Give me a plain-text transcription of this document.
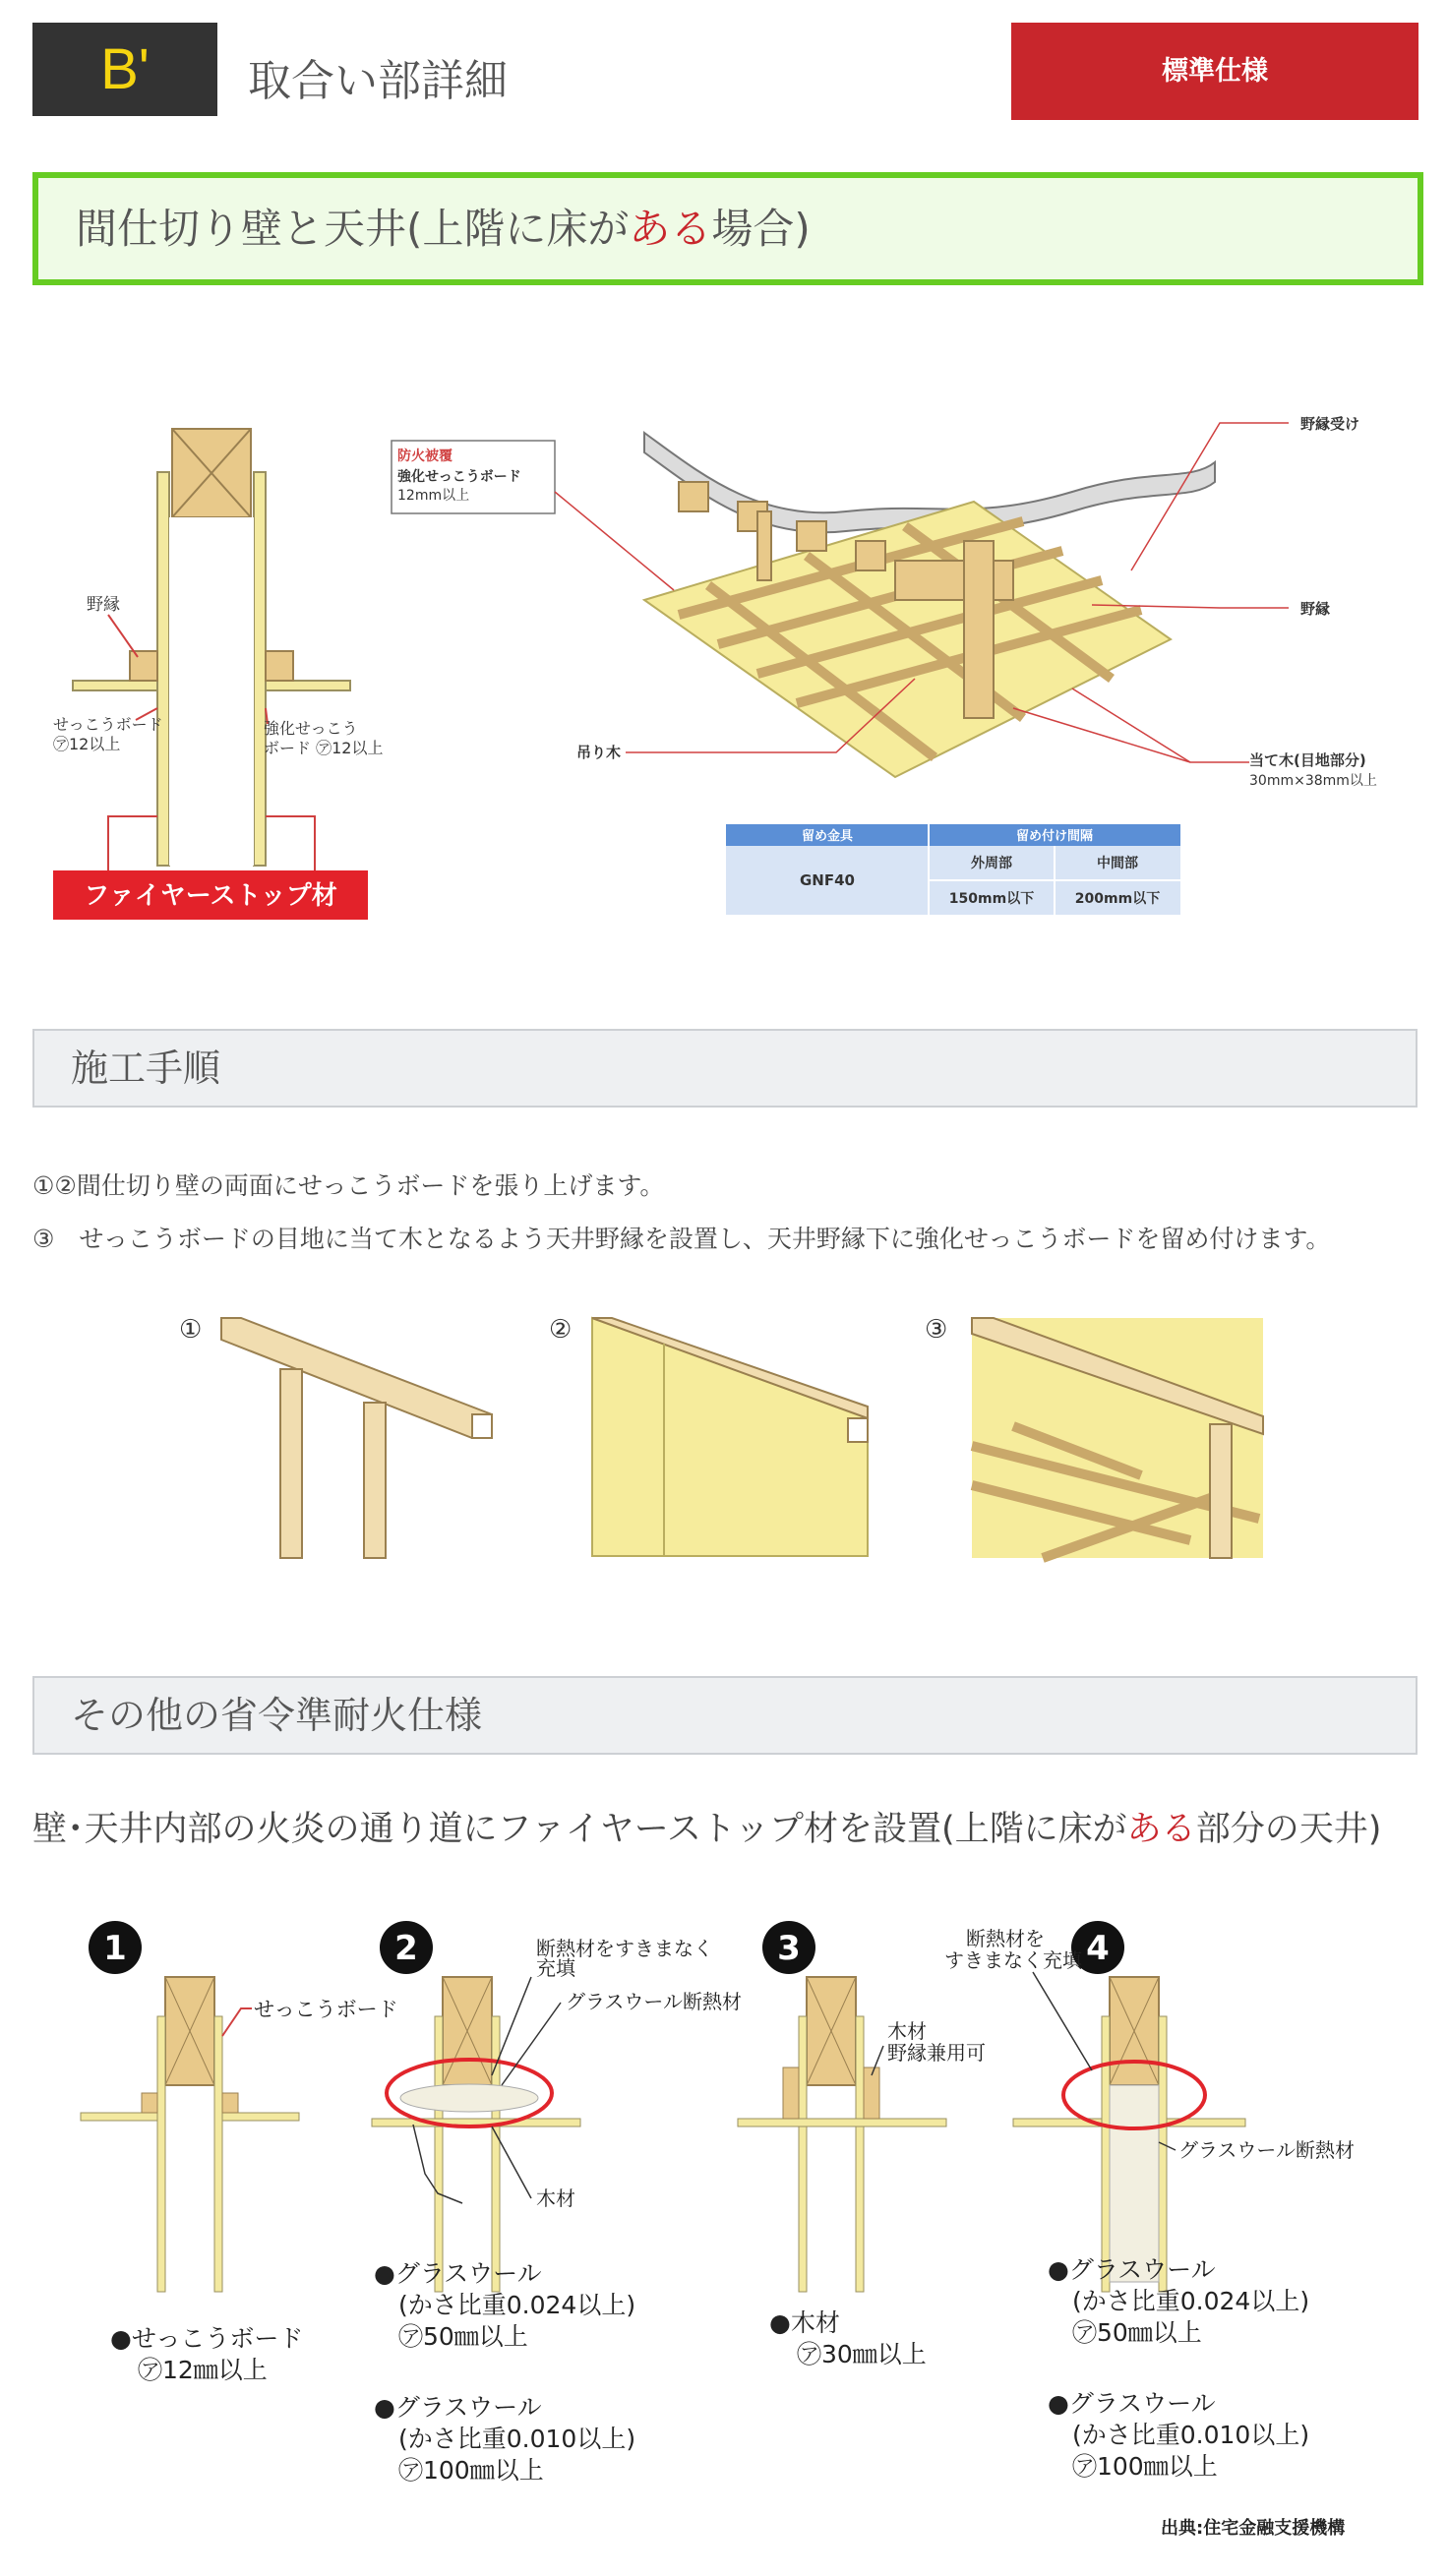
B'	取合い部詳細	標準仕様
間仕切り壁と天井(上階に床がある場合)
野縁
せっこうボード
㋐12以上
強化せっこう
ボード ㋐12以上
ファイヤーストップ材
防火被覆
強化せっこうボード
12mm以上
野縁受け
野縁
吊り木	当て木(目地部分)
30mm×38mm以上
留め金具	留め付け間隔
外周部	中間部
GNF40
150mm以下	200mm以下
施工手順
①②間仕切り壁の両面にせっこうボードを張り上げます。
③　せっこうボードの目地に当て木となるよう天井野縁を設置し、天井野縁下に強化せっこうボードを留め付けます。
①	②	③
その他の省令準耐火仕様
壁･天井内部の火炎の通り道にファイヤーストップ材を設置(上階に床がある部分の天井)
1	2	3	4
せっこうボード
●せっこうボード
㋐12㎜以上
断熱材をすきまなく
充填
グラスウール断熱材
木材
●グラスウール
(かさ比重0.024以上)
㋐50㎜以上
●グラスウール
(かさ比重0.010以上)
㋐100㎜以上
木材
野縁兼用可
●木材
㋐30㎜以上
断熱材を
すきまなく充填
グラスウール断熱材
●グラスウール
(かさ比重0.024以上)
㋐50㎜以上
●グラスウール
(かさ比重0.010以上)
㋐100㎜以上
出典:住宅金融支援機構
